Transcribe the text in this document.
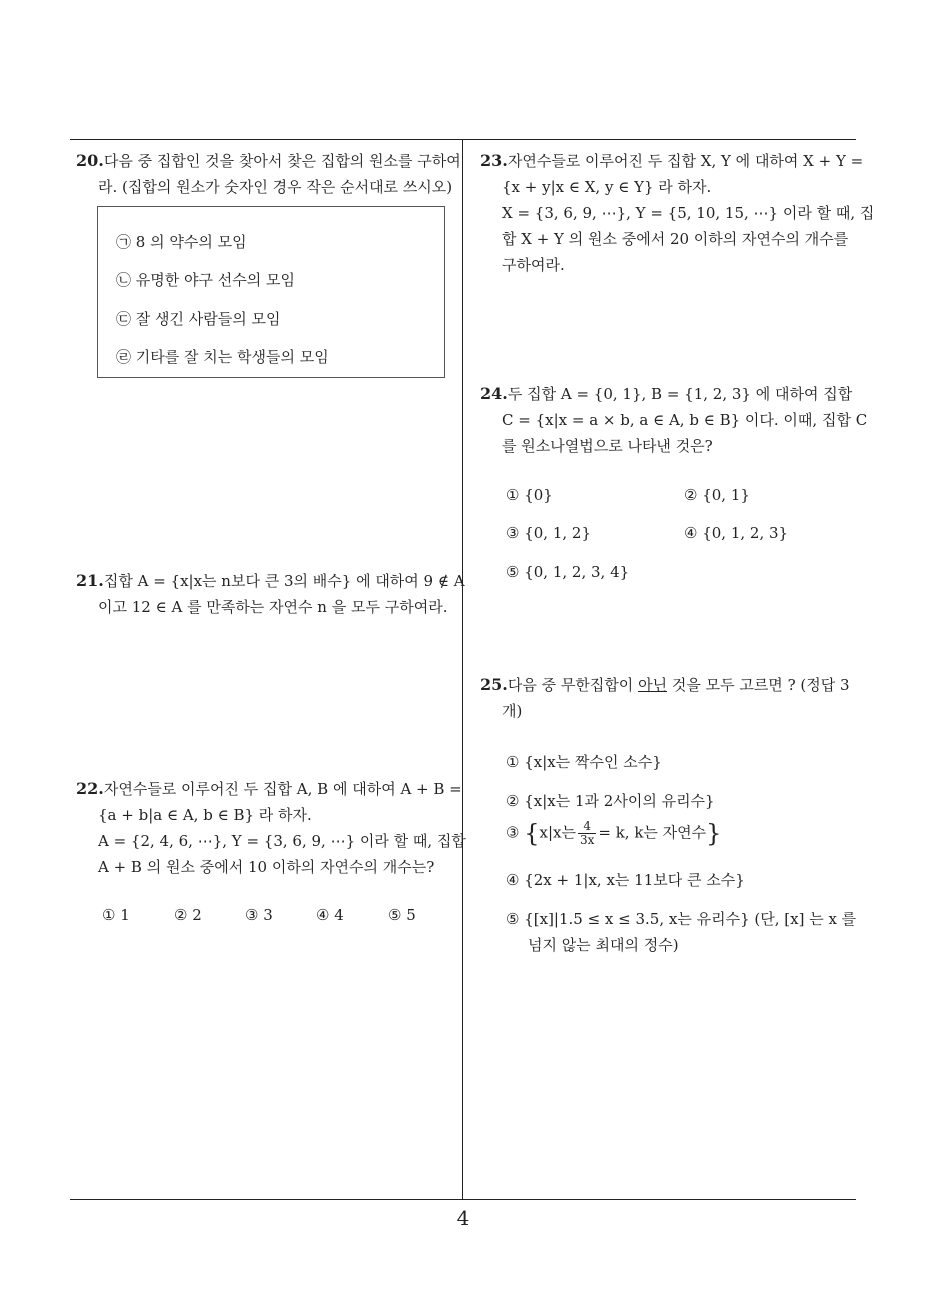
20.다음 중 집합인 것을 찾아서 찾은 집합의 원소를 구하여
라. (집합의 원소가 숫자인 경우 작은 순서대로 쓰시오)
㉠ 8 의 약수의 모임
㉡ 유명한 야구 선수의 모임
㉢ 잘 생긴 사람들의 모임
㉣ 기타를 잘 치는 학생들의 모임
21.집합 A = {x|x는 n보다 큰 3의 배수} 에 대하여 9 ∉ A
이고 12 ∈ A 를 만족하는 자연수 n 을 모두 구하여라.
22.자연수들로 이루어진 두 집합 A, B 에 대하여 A + B =
{a + b|a ∈ A, b ∈ B} 라 하자.
A = {2, 4, 6, ⋯}, Y = {3, 6, 9, ⋯} 이라 할 때, 집합
A + B 의 원소 중에서 10 이하의 자연수의 개수는?
① 1	② 2	③ 3	④ 4	⑤ 5
23.자연수들로 이루어진 두 집합 X, Y 에 대하여 X + Y =
{x + y|x ∈ X, y ∈ Y} 라 하자.
X = {3, 6, 9, ⋯}, Y = {5, 10, 15, ⋯} 이라 할 때, 집
합 X + Y 의 원소 중에서 20 이하의 자연수의 개수를
구하여라.
24.두 집합 A = {0, 1}, B = {1, 2, 3} 에 대하여 집합
C = {x|x = a × b, a ∈ A, b ∈ B} 이다. 이때, 집합 C
를 원소나열법으로 나타낸 것은?
① {0}	② {0, 1}
③ {0, 1, 2}	④ {0, 1, 2, 3}
⑤ {0, 1, 2, 3, 4}
25.다음 중 무한집합이 아닌 것을 모두 고르면 ? (정답 3
개)
① {x|x는 짝수인 소수}
② {x|x는 1과 2사이의 유리수}
③ {x|x는 $\frac{4}{3x} = k$, k는 자연수}
④ {2x + 1|x, x는 11보다 큰 소수}
⑤ {[x]|1.5 ≤ x ≤ 3.5, x는 유리수} (단, [x] 는 x 를
넘지 않는 최대의 정수)
4
